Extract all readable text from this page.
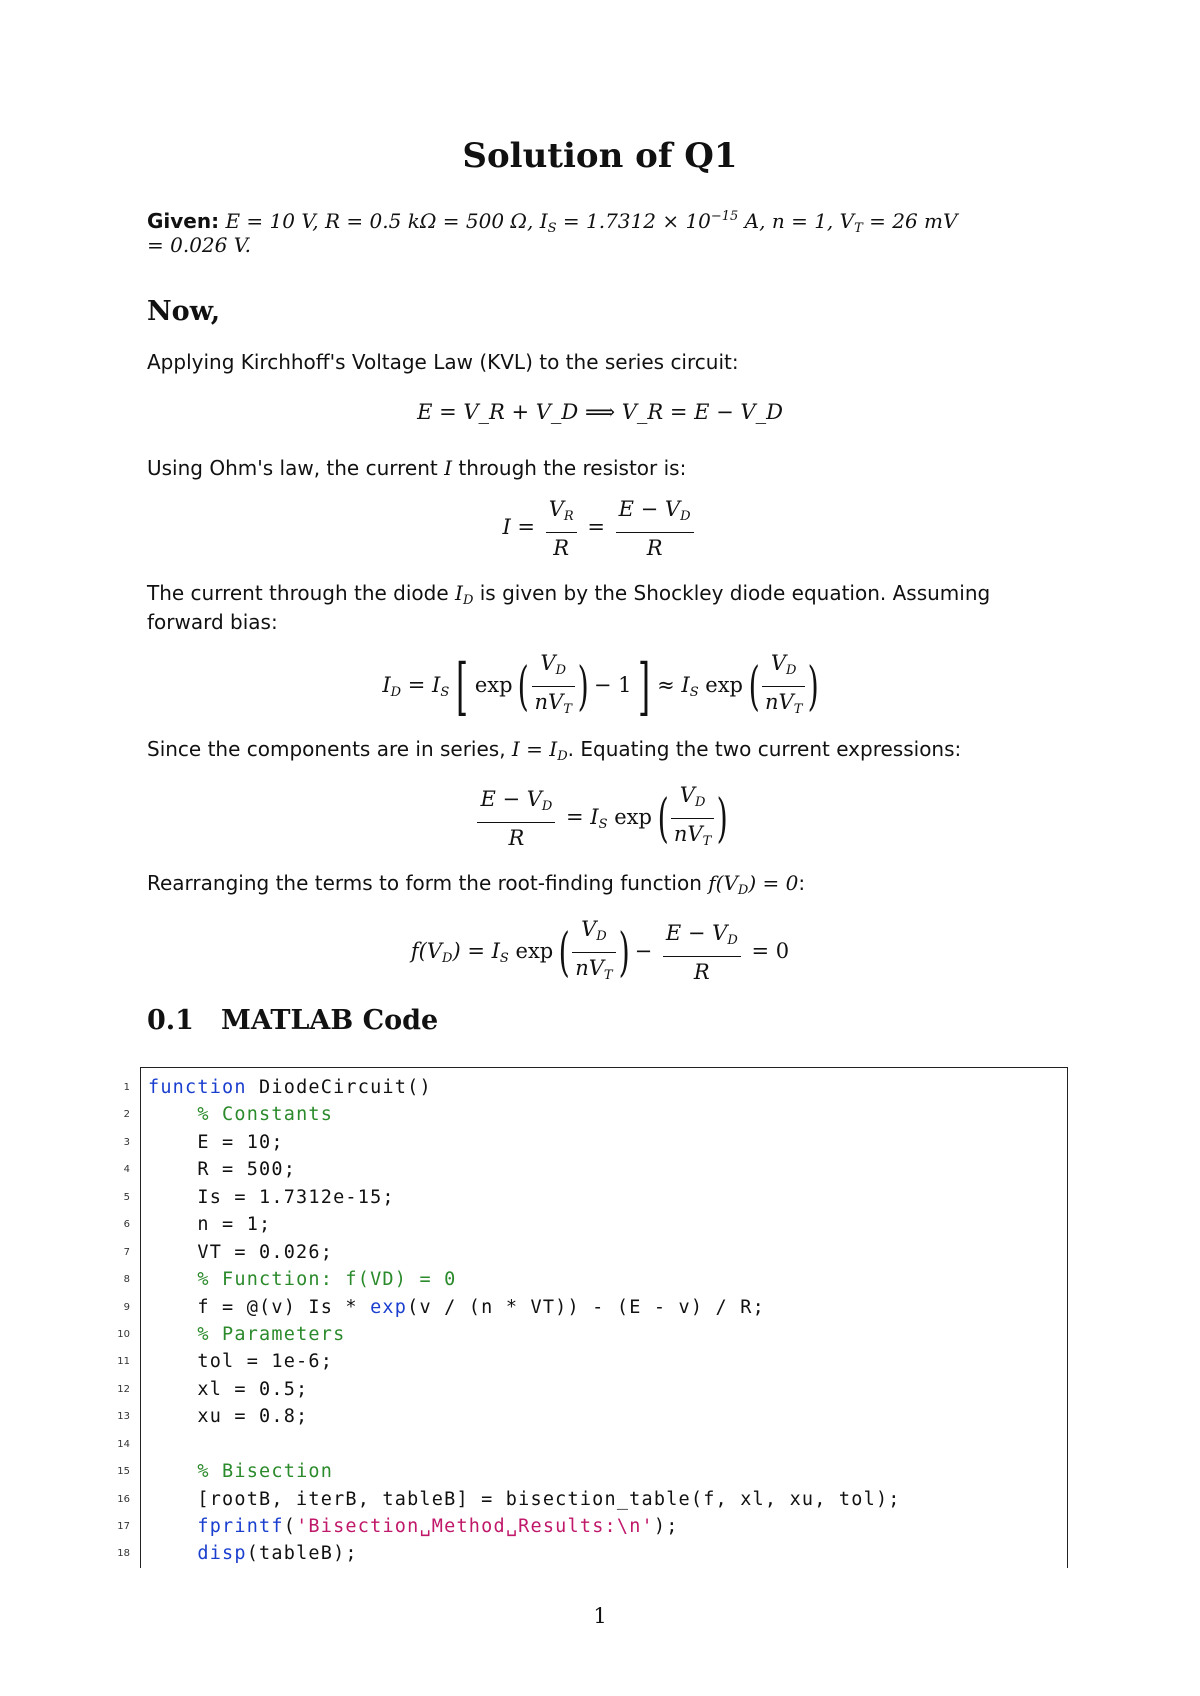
Solution of Q1
Given: E = 10 V, R = 0.5 kΩ = 500 Ω, $I_S = 1.7312 \times 10^{-15}$ A, n = 1, $V_T = 26$ mV
= 0.026 V.
Now,
Applying Kirchhoff's Voltage Law (KVL) to the series circuit:
E = V_R + V_D ⟹ V_R = E − V_D
Using Ohm's law, the current I through the resistor is:
$I = \frac{V_R}{R} = \frac{E - V_D}{R}$
The current through the diode $I_D$ is given by the Shockley diode equation. Assuming
forward bias:
$I_D = I_S$ [ exp ( $\frac{V_D}{nV_T}$ ) − 1 ] ≈ $I_S$ exp ( $\frac{V_D}{nV_T}$ )
Since the components are in series, $I = I_D$. Equating the two current expressions:
$\frac{E - V_D}{R} = I_S$ exp ( $\frac{V_D}{nV_T}$ )
Rearranging the terms to form the root-finding function $f(V_D) = 0$:
$f(V_D) = I_S$ exp ( $\frac{V_D}{nV_T}$ ) − $\frac{E - V_D}{R} = 0$
0.1 MATLAB Code
1 function DiodeCircuit()
2	% Constants
3 E = 10;
4 R = 500;
5 Is = 1.7312e-15;
6 n = 1;
7 VT = 0.026;
8	% Function: f(VD) = 0
9 f = @(v) Is * exp(v / (n * VT)) - (E - v) / R;
10	% Parameters
11 tol = 1e-6;
12 xl = 0.5;
13 xu = 0.8;
14
15	% Bisection
16 [rootB, iterB, tableB] = bisection_table(f, xl, xu, tol);
17	fprintf('Bisection␣Method␣Results:\n');
18	disp(tableB);
1
